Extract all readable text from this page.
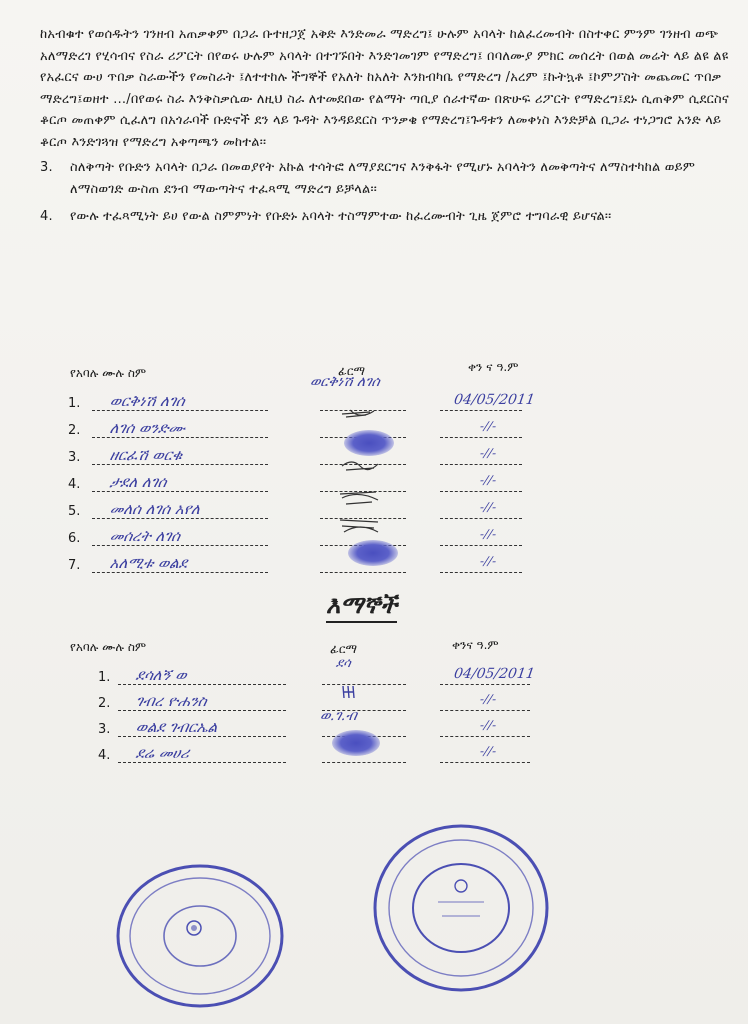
ከአብቁተ የወሰዱትን ገንዘብ አጠቃቀም በጋራ ቡተዘጋጀ አቅድ እንድመራ ማድረግ፤ ሁሉም አባላት ከልፈረመብት በስተቀር ምንም ገንዘብ ወጭ አለማድረገ የሂሳብና የስራ ሪፖርት በየወሩ ሁሉም አባላት በተገኙበት እንድገመገም የማድረግ፤ በባለሙያ ምክር መሰረት በወል መሬት ላይ ልዩ ልዩ የአፈርና ውሀ ጥበቃ ስራውችን የመስራት ፤ለተተከሉ ችግኞች የአለት ከአለት እንክብካቤ የማድረግ /አረም ፤ኩትኳቶ ፤ኮምፖስት መጨመር ጥበቃ ማድረግ፤ወዘተ …/በየወሩ ስራ እንቅስቃሴው ለዚህ ስራ ለተመደበው የልማት ጣቢያ ሰራተኛው በጽሁፍ ሪፖርት የማድረግ፤ደኑ ሲጠቅም ሲደርስና ቆርጦ መጠቀም ሲፈለግ በአጎራባች ቡድኖች ደን ላይ ጉዳት እንዳይደርስ ጥንቃቄ የማድረግ፤ጉዳቱን ለመቀነስ እንድቻል ቢጋራ ተነጋግሮ አንድ ላይ ቆርጦ እንድገጓዝ የማድረግ አቀጣጫን መከተል፡፡

3. ስለቅጣት የቡድን አባላት በጋራ በመወያየት አኩል ተሳትፎ ለማያደርግና እንቅፋት የሚሆኑ አባላትን ለመቅጣትና ለማስተካከል ወይም ለማስወገድ ውስጠ ደንብ ማውጣትና ተፈጻሚ ማድረግ ይቻላል፡፡
4. የውሉ ተፈጻሚነት ይሀ የውል ስምምነት የቡድኑ አባላት ተስማምተው ከፈረሙብት ጊዜ ጀምሮ ተግባራዊ ይሆናል፡፡
የአባሉ ሙሉ ስም	ፊርማ	ቀን ና ዓ.ም
1. ወርቅነሽ ለገሰ	04/05/2011
2. ለገሰ ወንድሙ	-//-
3. ዘርፈሽ ወርቁ	-//-
4. ታደለ ለገሰ	-//-
5. መለሰ ለገሰ አየለ	-//-
6. መሰረት ለገሰ	-//-
7. አለሚቱ ወልደ	-//-
ወርቅነሽ ለገሰ
እማኞች
የአባሉ ሙሉ ስም	ፊርማ	ቀንና ዓ.ም
1. ደሳለኝ ወ	04/05/2011
2. ገብረ ዮሐንስ	-//-
3. ወልደ ገብርኤል	-//-
4. ደሬ መሀሪ	-//-
ደሳ
ወ.ገ.ብ
